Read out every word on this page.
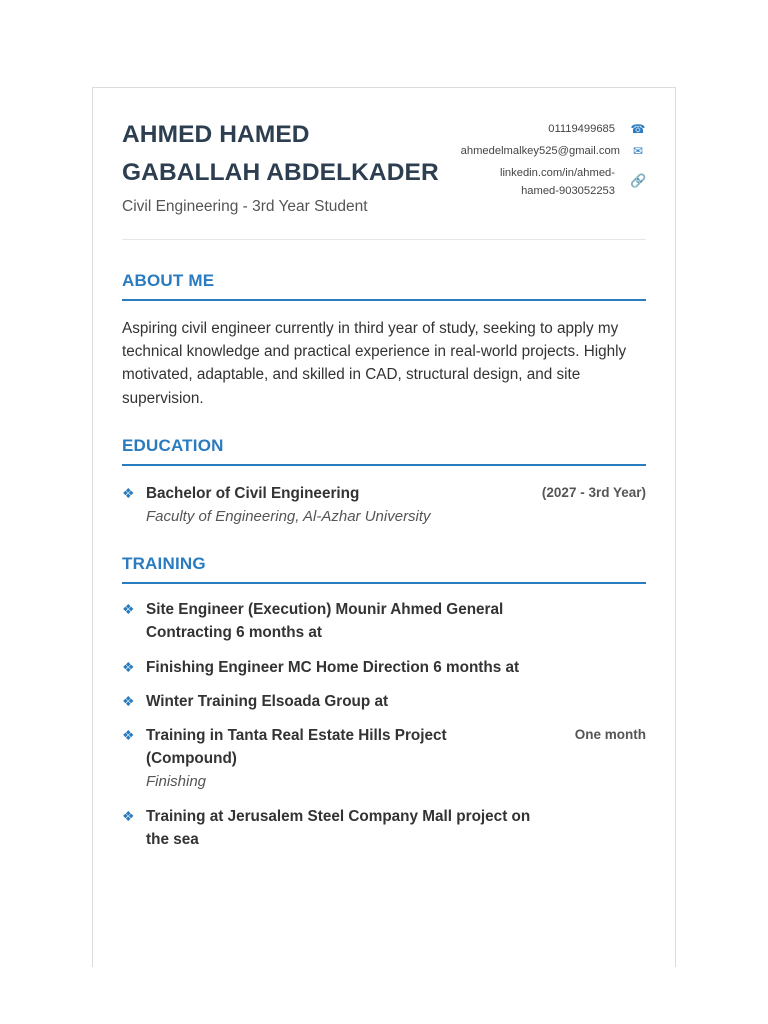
AHMED HAMED
GABALLAH ABDELKADER
Civil Engineering - 3rd Year Student
01119499685	☎
ahmedelmalkey525@gmail.com	✉
linkedin.com/in/ahmed-
hamed-903052253
🔗
ABOUT ME
Aspiring civil engineer currently in third year of study, seeking to apply my technical knowledge and practical experience in real-world projects. Highly motivated, adaptable, and skilled in CAD, structural design, and site supervision.
EDUCATION
❖ Bachelor of Civil Engineering
Faculty of Engineering, Al-Azhar University
(2027 - 3rd Year)
TRAINING
❖ Site Engineer (Execution) Mounir Ahmed General Contracting 6 months at
❖ Finishing Engineer MC Home Direction 6 months at
❖ Winter Training Elsoada Group at
❖ Training in Tanta Real Estate Hills Project (Compound)
Finishing
One month
❖ Training at Jerusalem Steel Company Mall project on the sea
